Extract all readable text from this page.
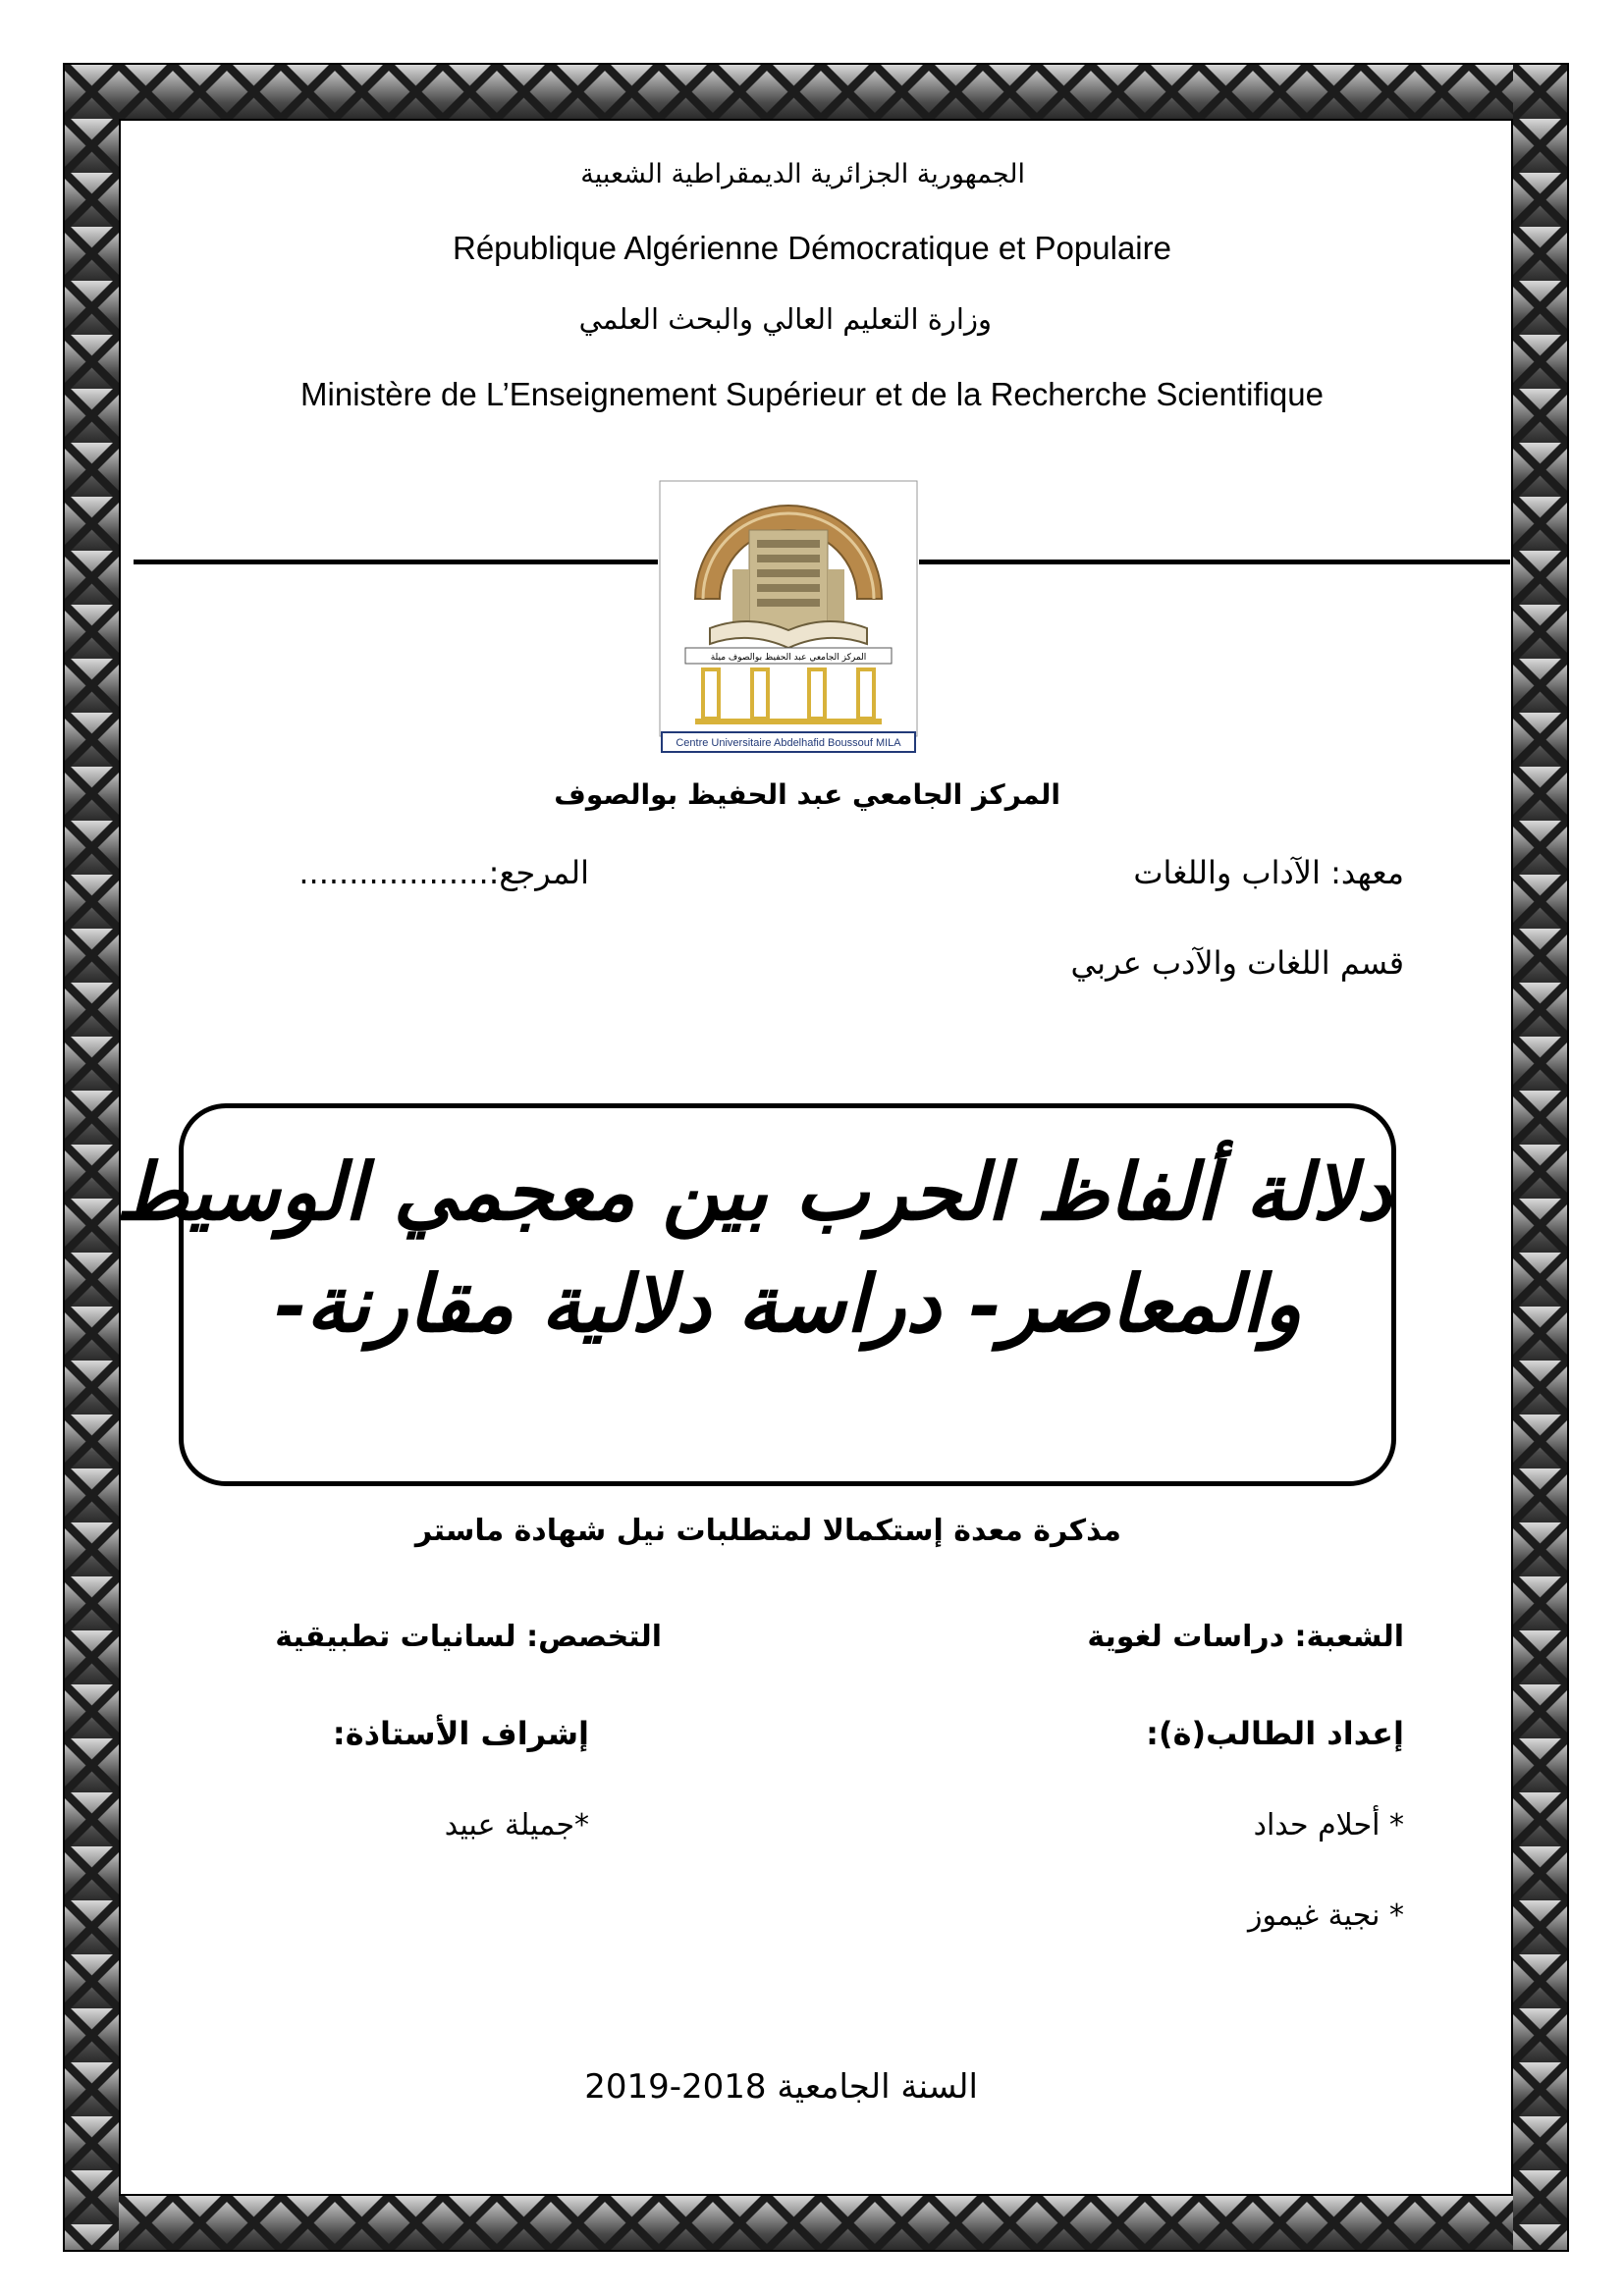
الجمهورية الجزائرية الديمقراطية الشعبية
République Algérienne Démocratique et Populaire
وزارة التعليم العالي والبحث العلمي
Ministère de L’Enseignement Supérieur et de la Recherche Scientifique
المركز الجامعي عبد الحفيظ بوالصوف ميلة
Centre Universitaire Abdelhafid Boussouf MILA
المركز الجامعي عبد الحفيظ بوالصوف
معهد: الآداب واللغات
المرجع:...................
قسم اللغات والآدب عربي
دلالة ألفاظ الحرب بين معجمي الوسيط
والمعاصر- دراسة دلالية مقارنة-
مذكرة معدة إستكمالا لمتطلبات نيل شهادة ماستر
الشعبة: دراسات لغوية
التخصص: لسانيات تطبيقية
إعداد الطالب(ة):
إشراف الأستاذة:
* أحلام حداد
*جميلة عبيد
* نجية غيموز
السنة الجامعية 2018-2019
